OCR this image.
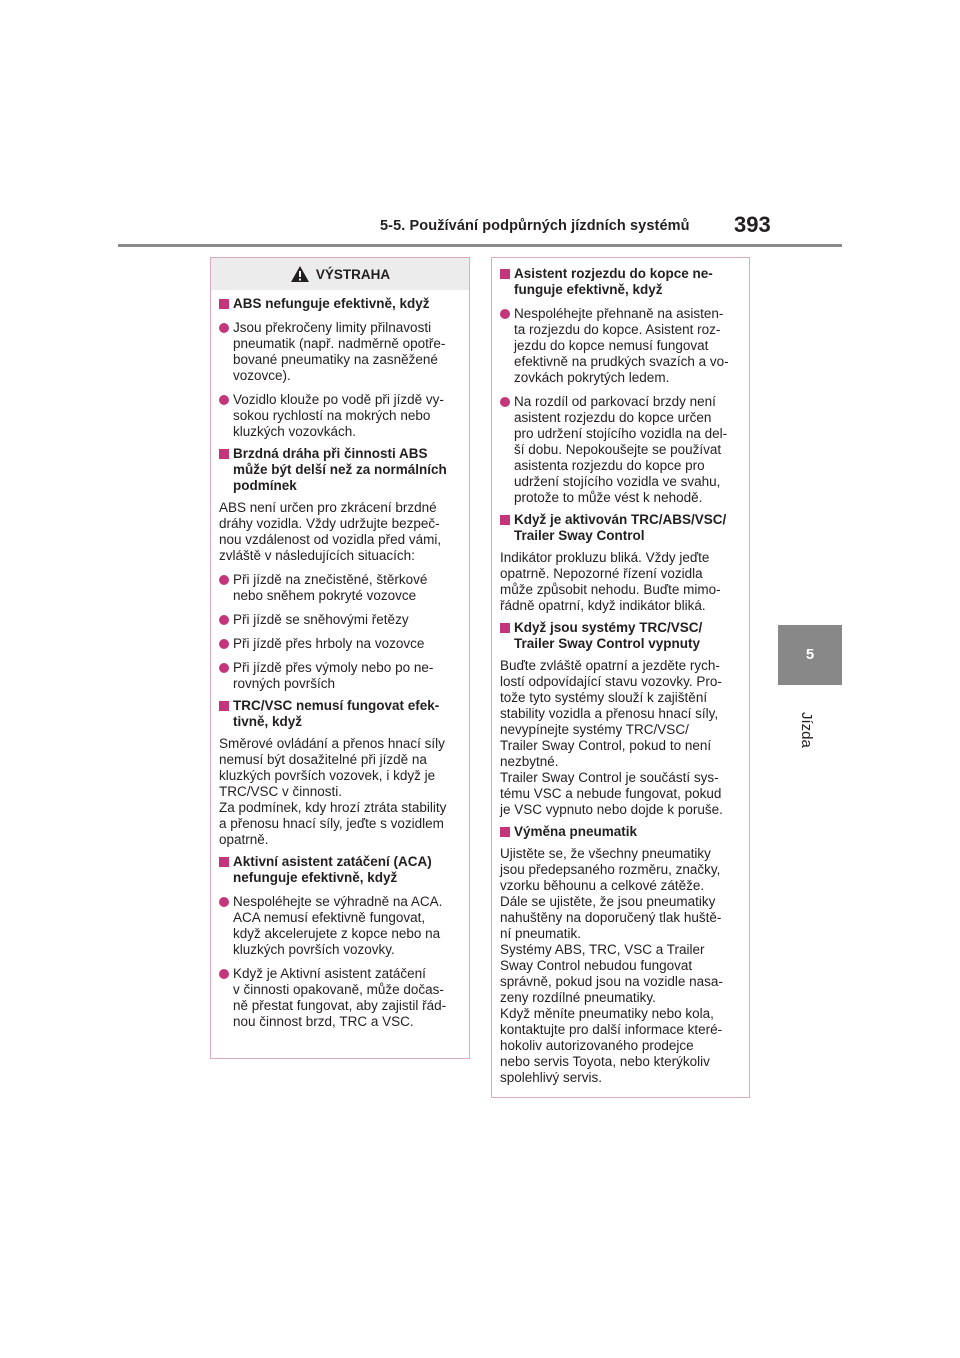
5-5. Používání podpůrných jízdních systémů 393
5
Jízda
VÝSTRAHA
ABS nefunguje efektivně, když
Jsou překročeny limity přilnavosti
pneumatik (např. nadměrně opotře-
bované pneumatiky na zasněžené
vozovce).
Vozidlo klouže po vodě při jízdě vy-
sokou rychlostí na mokrých nebo
kluzkých vozovkách.
Brzdná dráha při činnosti ABS
může být delší než za normálních
podmínek
ABS není určen pro zkrácení brzdné
dráhy vozidla. Vždy udržujte bezpeč-
nou vzdálenost od vozidla před vámi,
zvláště v následujících situacích:
Při jízdě na znečistěné, štěrkové
nebo sněhem pokryté vozovce
Při jízdě se sněhovými řetězy
Při jízdě přes hrboly na vozovce
Při jízdě přes výmoly nebo po ne-
rovných površích
TRC/VSC nemusí fungovat efek-
tivně, když
Směrové ovládání a přenos hnací síly
nemusí být dosažitelné při jízdě na
kluzkých površích vozovek, i když je
TRC/VSC v činnosti.
Za podmínek, kdy hrozí ztráta stability
a přenosu hnací síly, jeďte s vozidlem
opatrně.
Aktivní asistent zatáčení (ACA)
nefunguje efektivně, když
Nespoléhejte se výhradně na ACA.
ACA nemusí efektivně fungovat,
když akcelerujete z kopce nebo na
kluzkých površích vozovky.
Když je Aktivní asistent zatáčení
v činnosti opakovaně, může dočas-
ně přestat fungovat, aby zajistil řád-
nou činnost brzd, TRC a VSC.
Asistent rozjezdu do kopce ne-
funguje efektivně, když
Nespoléhejte přehnaně na asisten-
ta rozjezdu do kopce. Asistent roz-
jezdu do kopce nemusí fungovat
efektivně na prudkých svazích a vo-
zovkách pokrytých ledem.
Na rozdíl od parkovací brzdy není
asistent rozjezdu do kopce určen
pro udržení stojícího vozidla na del-
ší dobu. Nepokoušejte se používat
asistenta rozjezdu do kopce pro
udržení stojícího vozidla ve svahu,
protože to může vést k nehodě.
Když je aktivován TRC/ABS/VSC/
Trailer Sway Control
Indikátor prokluzu bliká. Vždy jeďte
opatrně. Nepozorné řízení vozidla
může způsobit nehodu. Buďte mimo-
řádně opatrní, když indikátor bliká.
Když jsou systémy TRC/VSC/
Trailer Sway Control vypnuty
Buďte zvláště opatrní a jezděte rych-
lostí odpovídající stavu vozovky. Pro-
tože tyto systémy slouží k zajištění
stability vozidla a přenosu hnací síly,
nevypínejte systémy TRC/VSC/
Trailer Sway Control, pokud to není
nezbytné.
Trailer Sway Control je součástí sys-
tému VSC a nebude fungovat, pokud
je VSC vypnuto nebo dojde k poruše.
Výměna pneumatik
Ujistěte se, že všechny pneumatiky
jsou předepsaného rozměru, značky,
vzorku běhounu a celkové zátěže.
Dále se ujistěte, že jsou pneumatiky
nahuštěny na doporučený tlak huště-
ní pneumatik.
Systémy ABS, TRC, VSC a Trailer
Sway Control nebudou fungovat
správně, pokud jsou na vozidle nasa-
zeny rozdílné pneumatiky.
Když měníte pneumatiky nebo kola,
kontaktujte pro další informace které-
hokoliv autorizovaného prodejce
nebo servis Toyota, nebo kterýkoliv
spolehlivý servis.
